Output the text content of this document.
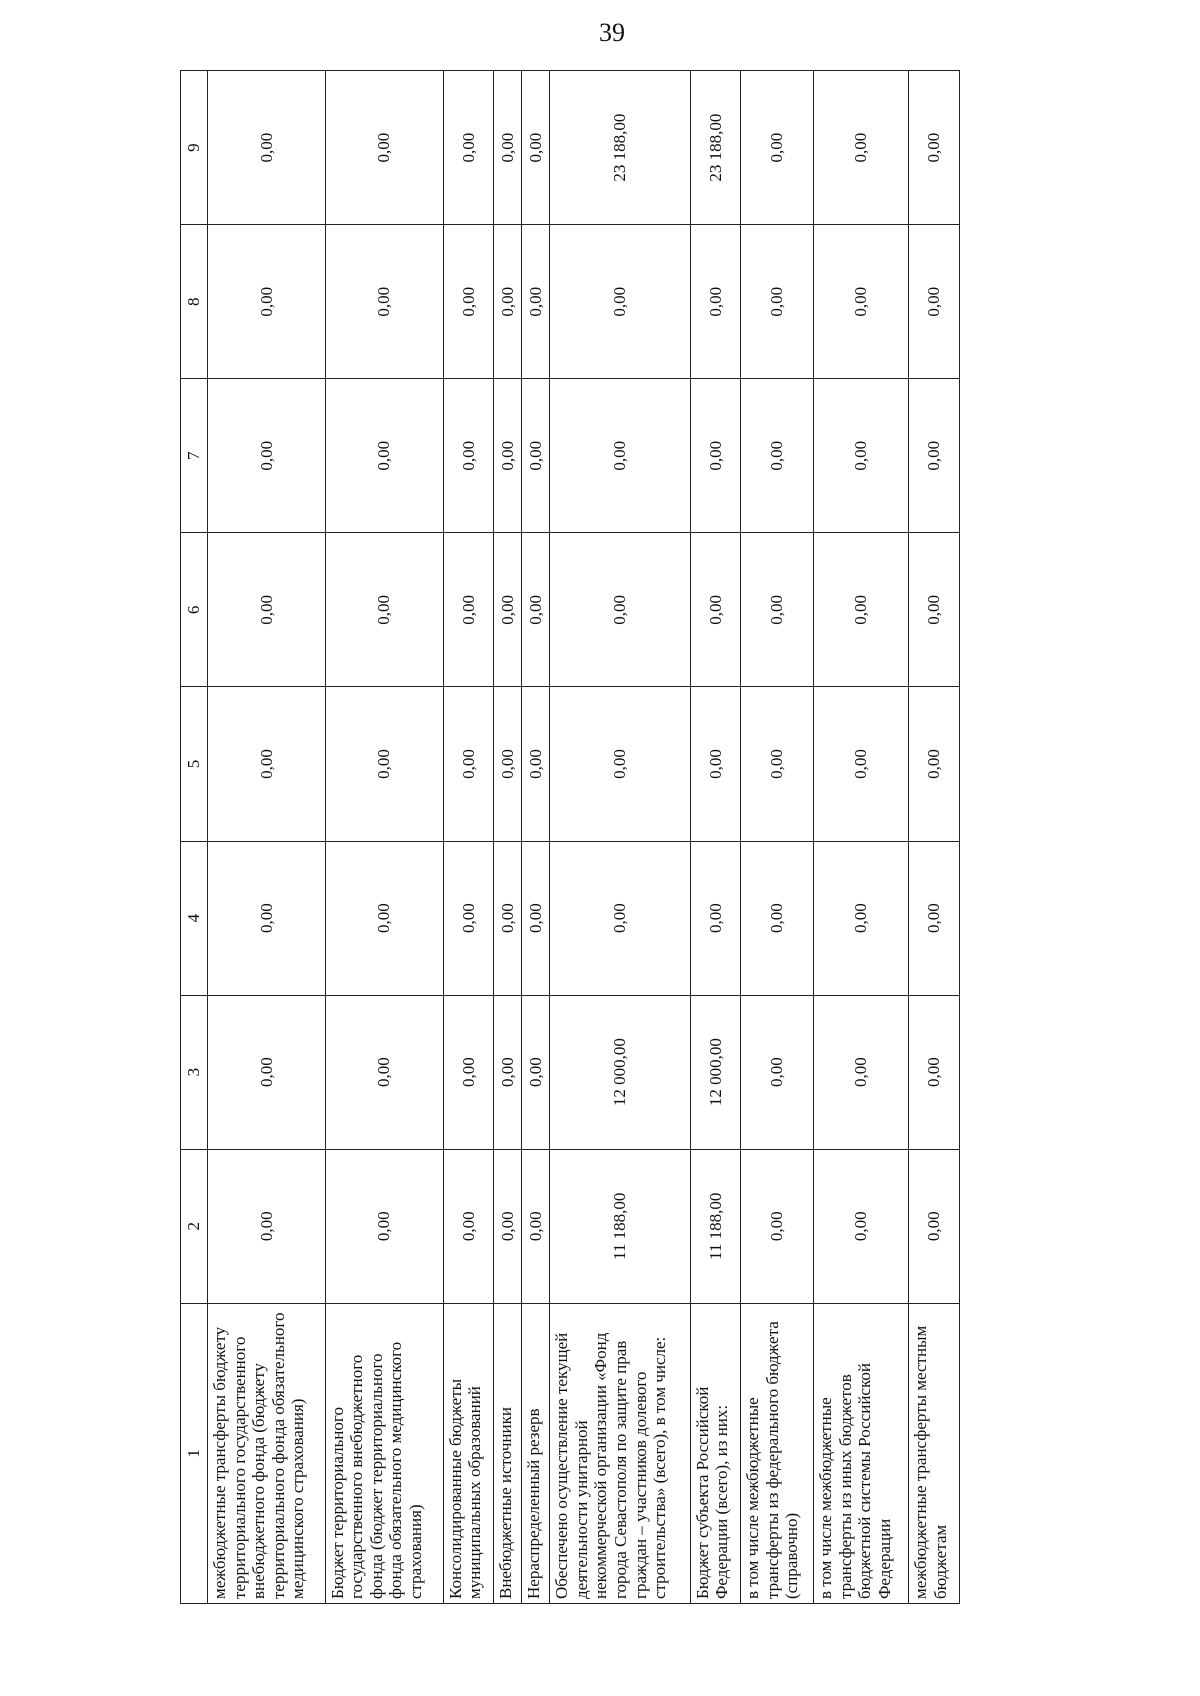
39
1	2	3	4	5	6	7	8	9
межбюджетные трансферты бюджету территориального государственного внебюджетного фонда (бюджету территориального фонда обязательного медицинского страхования)	0,00	0,00	0,00	0,00	0,00	0,00	0,00	0,00
Бюджет территориального государственного внебюджетного фонда (бюджет территориального фонда обязательного медицинского страхования)	0,00	0,00	0,00	0,00	0,00	0,00	0,00	0,00
Консолидированные бюджеты муниципальных образований	0,00	0,00	0,00	0,00	0,00	0,00	0,00	0,00
Внебюджетные источники	0,00	0,00	0,00	0,00	0,00	0,00	0,00	0,00
Нераспределенный резерв	0,00	0,00	0,00	0,00	0,00	0,00	0,00	0,00
Обеспечено осуществление текущей деятельности унитарной некоммерческой организации «Фонд города Севастополя по защите прав граждан – участников долевого строительства» (всего), в том числе:	11 188,00	12 000,00	0,00	0,00	0,00	0,00	0,00	23 188,00
Бюджет субъекта Российской Федерации (всего), из них:	11 188,00	12 000,00	0,00	0,00	0,00	0,00	0,00	23 188,00
в том числе межбюджетные трансферты из федерального бюджета (справочно)	0,00	0,00	0,00	0,00	0,00	0,00	0,00	0,00
в том числе межбюджетные трансферты из иных бюджетов бюджетной системы Российской Федерации	0,00	0,00	0,00	0,00	0,00	0,00	0,00	0,00
межбюджетные трансферты местным бюджетам	0,00	0,00	0,00	0,00	0,00	0,00	0,00	0,00
